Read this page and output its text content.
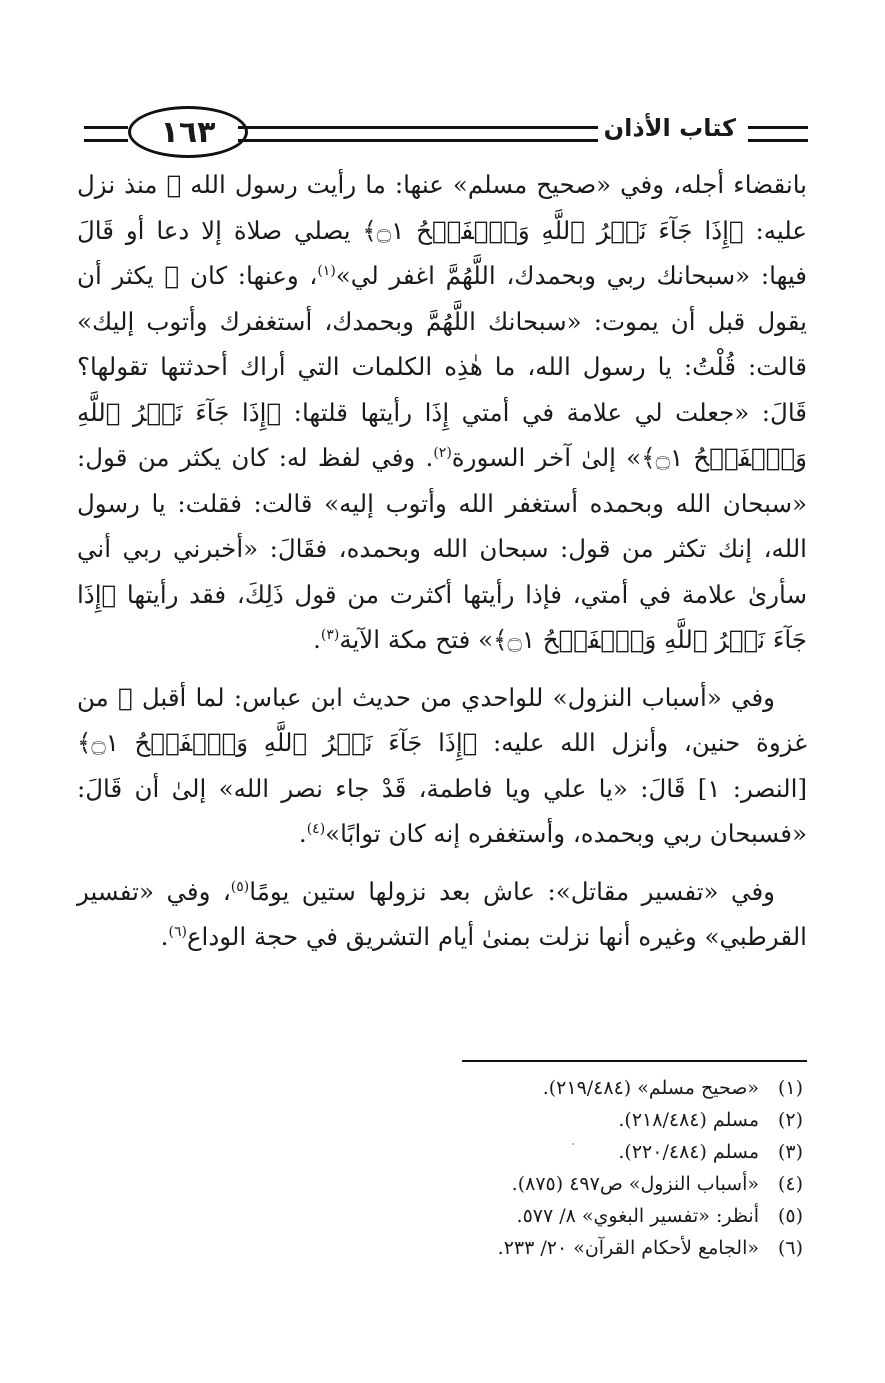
كتاب الأذان
١٦٣

بانقضاء أجله، وفي «صحيح مسلم» عنها: ما رأيت رسول الله ﷺ منذ نزل عليه: ﴿إِذَا جَآءَ نَصۡرُ ٱللَّهِ وَٱلۡفَتۡحُ ۝١﴾ يصلي صلاة إلا دعا أو قَالَ فيها: «سبحانك ربي وبحمدك، اللَّهُمَّ اغفر لي»$^{(١)}$، وعنها: كان ﷺ يكثر أن يقول قبل أن يموت: «سبحانك اللَّهُمَّ وبحمدك، أستغفرك وأتوب إليك» قالت: قُلْتُ: يا رسول الله، ما هٰذِه الكلمات التي أراك أحدثتها تقولها؟ قَالَ: «جعلت لي علامة في أمتي إِذَا رأيتها قلتها: ﴿إِذَا جَآءَ نَصۡرُ ٱللَّهِ وَٱلۡفَتۡحُ ۝١﴾» إلىٰ آخر السورة$^{(٢)}$. وفي لفظ له: كان يكثر من قول: «سبحان الله وبحمده أستغفر الله وأتوب إليه» قالت: فقلت: يا رسول الله، إنك تكثر من قول: سبحان الله وبحمده، فقَالَ: «أخبرني ربي أني سأرىٰ علامة في أمتي، فإذا رأيتها أكثرت من قول ذَلِكَ، فقد رأيتها ﴿إِذَا جَآءَ نَصۡرُ ٱللَّهِ وَٱلۡفَتۡحُ ۝١﴾» فتح مكة الآية$^{(٣)}$.

وفي «أسباب النزول» للواحدي من حديث ابن عباس: لما أقبل ﷺ من غزوة حنين، وأنزل الله عليه: ﴿إِذَا جَآءَ نَصۡرُ ٱللَّهِ وَٱلۡفَتۡحُ ۝١﴾ [النصر: ١] قَالَ: «يا علي ويا فاطمة، قَدْ جاء نصر الله» إلىٰ أن قَالَ: «فسبحان ربي وبحمده، وأستغفره إنه كان توابًا»$^{(٤)}$.

وفي «تفسير مقاتل»: عاش بعد نزولها ستين يومًا$^{(٥)}$، وفي «تفسير القرطبي» وغيره أنها نزلت بمنىٰ أيام التشريق في حجة الوداع$^{(٦)}$.

(١)
«صحيح مسلم» (٢١٩/٤٨٤).
(٢)
مسلم (٢١٨/٤٨٤).
(٣)
مسلم (٢٢٠/٤٨٤).
(٤)
«أسباب النزول» ص٤٩٧ (٨٧٥).
(٥)
أنظر: «تفسير البغوي» ٨/ ٥٧٧.
(٦)
«الجامع لأحكام القرآن» ٢٠/ ٢٣٣.
